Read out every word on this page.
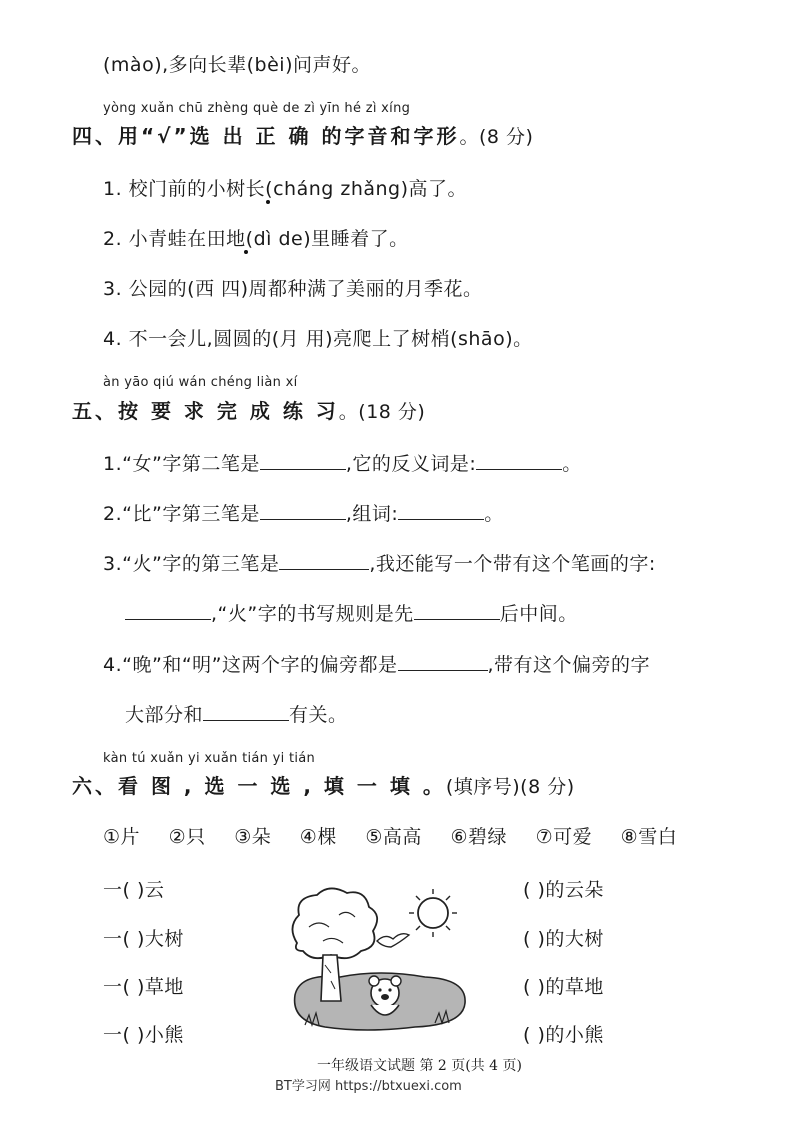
(mào),多向长辈(bèi)问声好。
yòng xuǎn chū zhèng què de zì yīn hé zì xíng
四、用“√”选 出 正 确 的字音和字形。(8 分)
1. 校门前的小树长(cháng zhǎng)高了。
2. 小青蛙在田地(dì de)里睡着了。
3. 公园的(西 四)周都种满了美丽的月季花。
4. 不一会儿,圆圆的(月 用)亮爬上了树梢(shāo)。
àn yāo qiú wán chéng liàn xí
五、按 要 求 完 成 练 习。(18 分)
1.“女”字第二笔是	,它的反义词是:	。
2.“比”字第三笔是	,组词:	。
3.“火”字的第三笔是	,我还能写一个带有这个笔画的字:
,“火”字的书写规则是先	后中间。
4.“晚”和“明”这两个字的偏旁都是	,带有这个偏旁的字
大部分和	有关。
kàn tú xuǎn yi xuǎn tián yi tián
六、看 图 , 选 一 选 , 填 一 填 。(填序号)(8 分)
①片 ②只 ③朵 ④棵 ⑤高高 ⑥碧绿 ⑦可爱 ⑧雪白
一( )云
一( )大树
一( )草地
一( )小熊
( )的云朵
( )的大树
( )的草地
( )的小熊
一年级语文试题 第 2 页(共 4 页)
BT学习网 https://btxuexi.com
